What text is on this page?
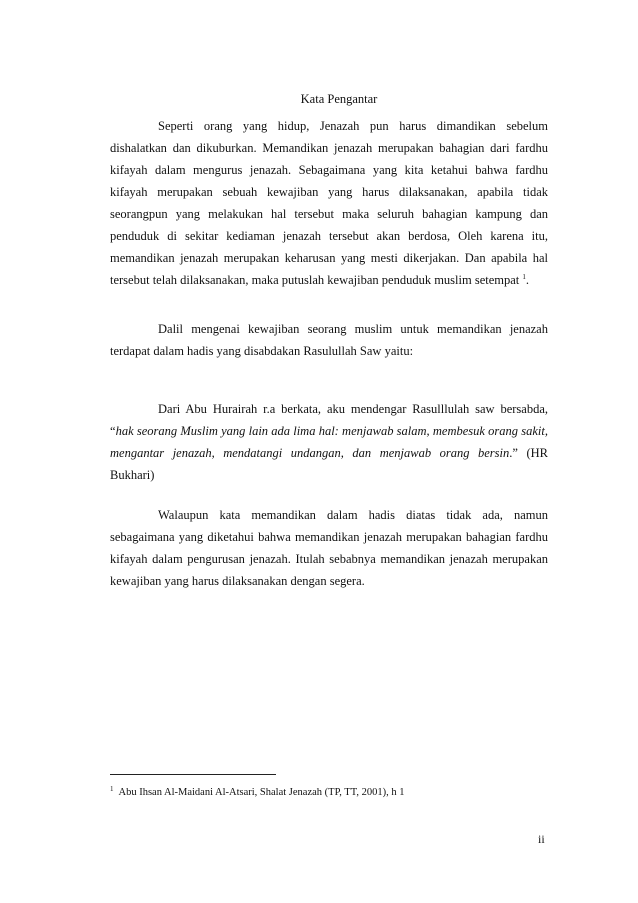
Kata Pengantar

Seperti orang yang hidup, Jenazah pun harus dimandikan sebelum dishalatkan dan dikuburkan. Memandikan jenazah merupakan bahagian dari fardhu kifayah dalam mengurus jenazah. Sebagaimana yang kita ketahui bahwa fardhu kifayah merupakan sebuah kewajiban yang harus dilaksanakan, apabila tidak seorangpun yang melakukan hal tersebut maka seluruh bahagian kampung dan penduduk di sekitar kediaman jenazah tersebut akan berdosa, Oleh karena itu, memandikan jenazah merupakan keharusan yang mesti dikerjakan. Dan apabila hal tersebut telah dilaksanakan, maka putuslah kewajiban penduduk muslim setempat $^1$.

Dalil mengenai kewajiban seorang muslim untuk memandikan jenazah terdapat dalam hadis yang disabdakan Rasulullah Saw yaitu:

Dari Abu Hurairah r.a berkata, aku mendengar Rasulllulah saw bersabda, “hak seorang Muslim yang lain ada lima hal: menjawab salam, membesuk orang sakit, mengantar jenazah, mendatangi undangan, dan menjawab orang bersin.” (HR Bukhari)

Walaupun kata memandikan dalam hadis diatas tidak ada, namun sebagaimana yang diketahui bahwa memandikan jenazah merupakan bahagian fardhu kifayah dalam pengurusan jenazah. Itulah sebabnya memandikan jenazah merupakan kewajiban yang harus dilaksanakan dengan segera.

$^1$ Abu Ihsan Al-Maidani Al-Atsari, Shalat Jenazah (TP, TT, 2001), h 1
ii
